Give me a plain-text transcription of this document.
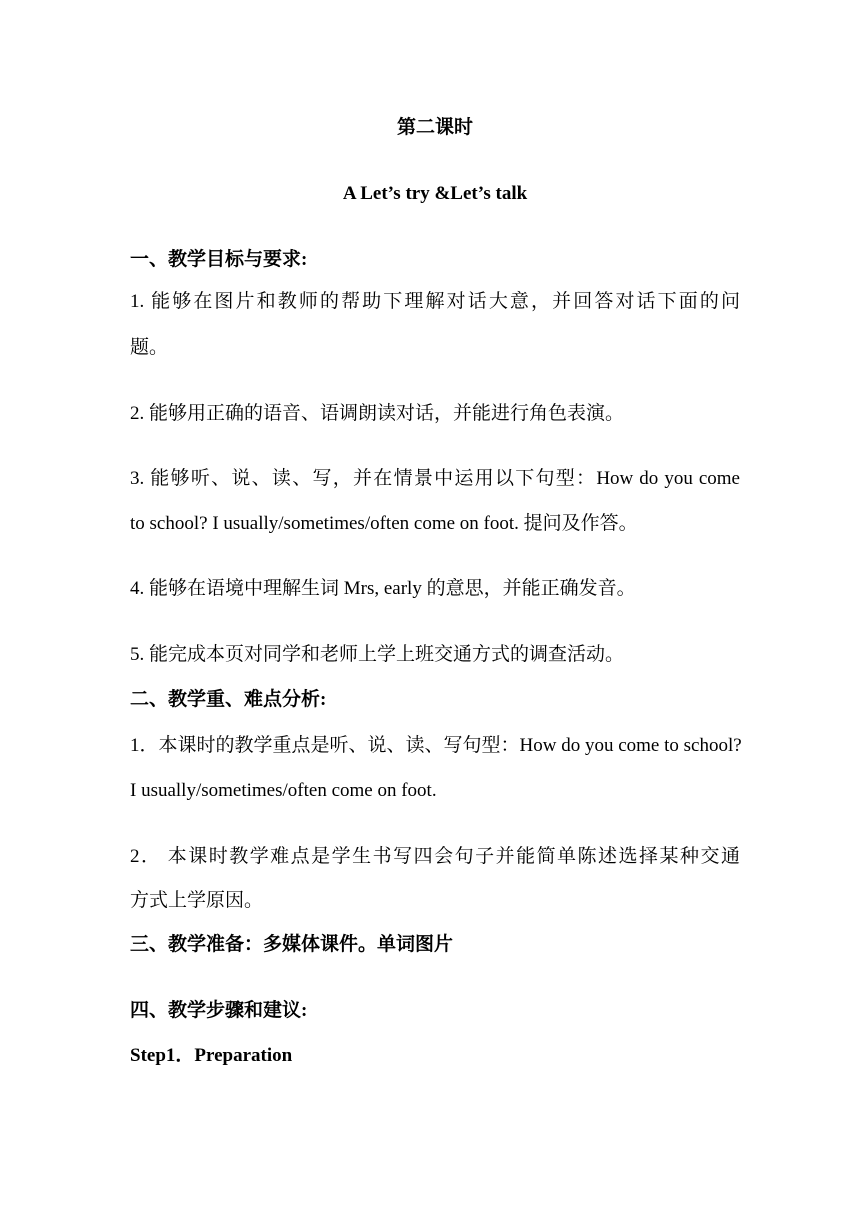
第二课时
A Let’s try &Let’s talk
一、教学目标与要求:
1. 能够在图片和教师的帮助下理解对话大意，并回答对话下面的问
题。
2. 能够用正确的语音、语调朗读对话，并能进行角色表演。
3. 能够听、说、读、写，并在情景中运用以下句型：How do you come
to school? I usually/sometimes/often come on foot. 提问及作答。
4. 能够在语境中理解生词 Mrs, early 的意思，并能正确发音。
5. 能完成本页对同学和老师上学上班交通方式的调查活动。
二、教学重、难点分析:
1．本课时的教学重点是听、说、读、写句型：How do you come to school?
I usually/sometimes/often come on foot.
2． 本课时教学难点是学生书写四会句子并能简单陈述选择某种交通
方式上学原因。
三、教学准备：多媒体课件。单词图片
四、教学步骤和建议:
Step1．Preparation
